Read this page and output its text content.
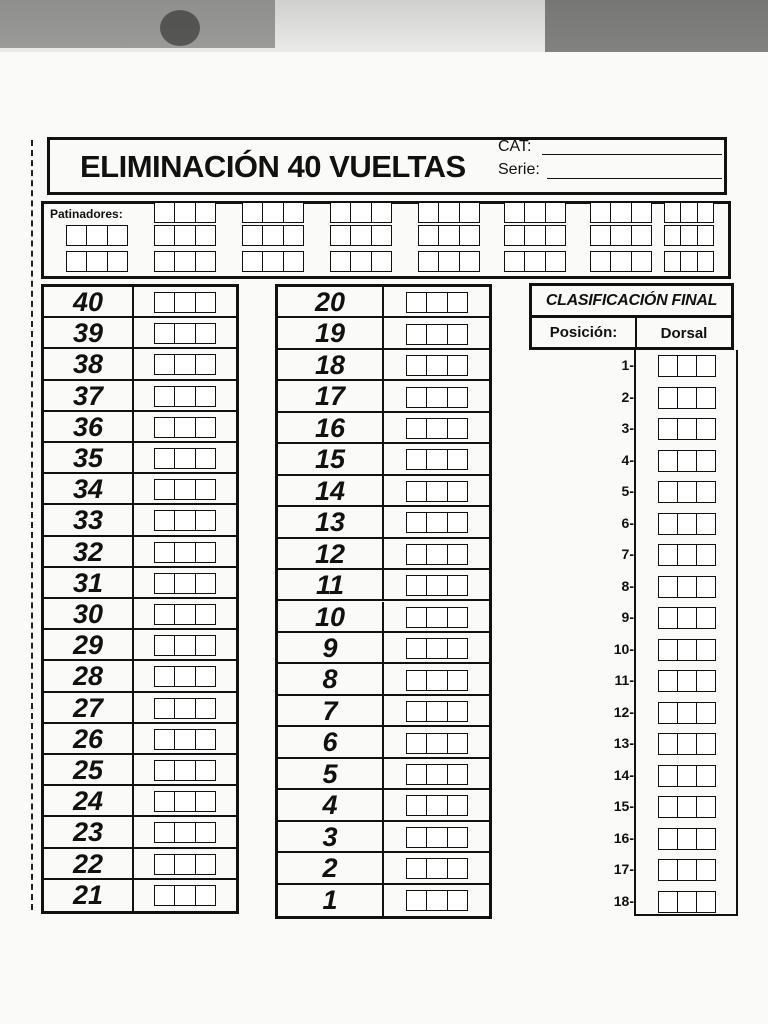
ELIMINACIÓN 40 VUELTAS
CAT:
Serie:
Patinadores:
40
39
38
37
36
35
34
33
32
31
30
29
28
27
26
25
24
23
22
21
20
19
18
17
16
15
14
13
12
11
10
9
8
7
6
5
4
3
2
1
CLASIFICACIÓN FINAL
Posición:	Dorsal
1-
2-
3-
4-
5-
6-
7-
8-
9-
10-
11-
12-
13-
14-
15-
16-
17-
18-
